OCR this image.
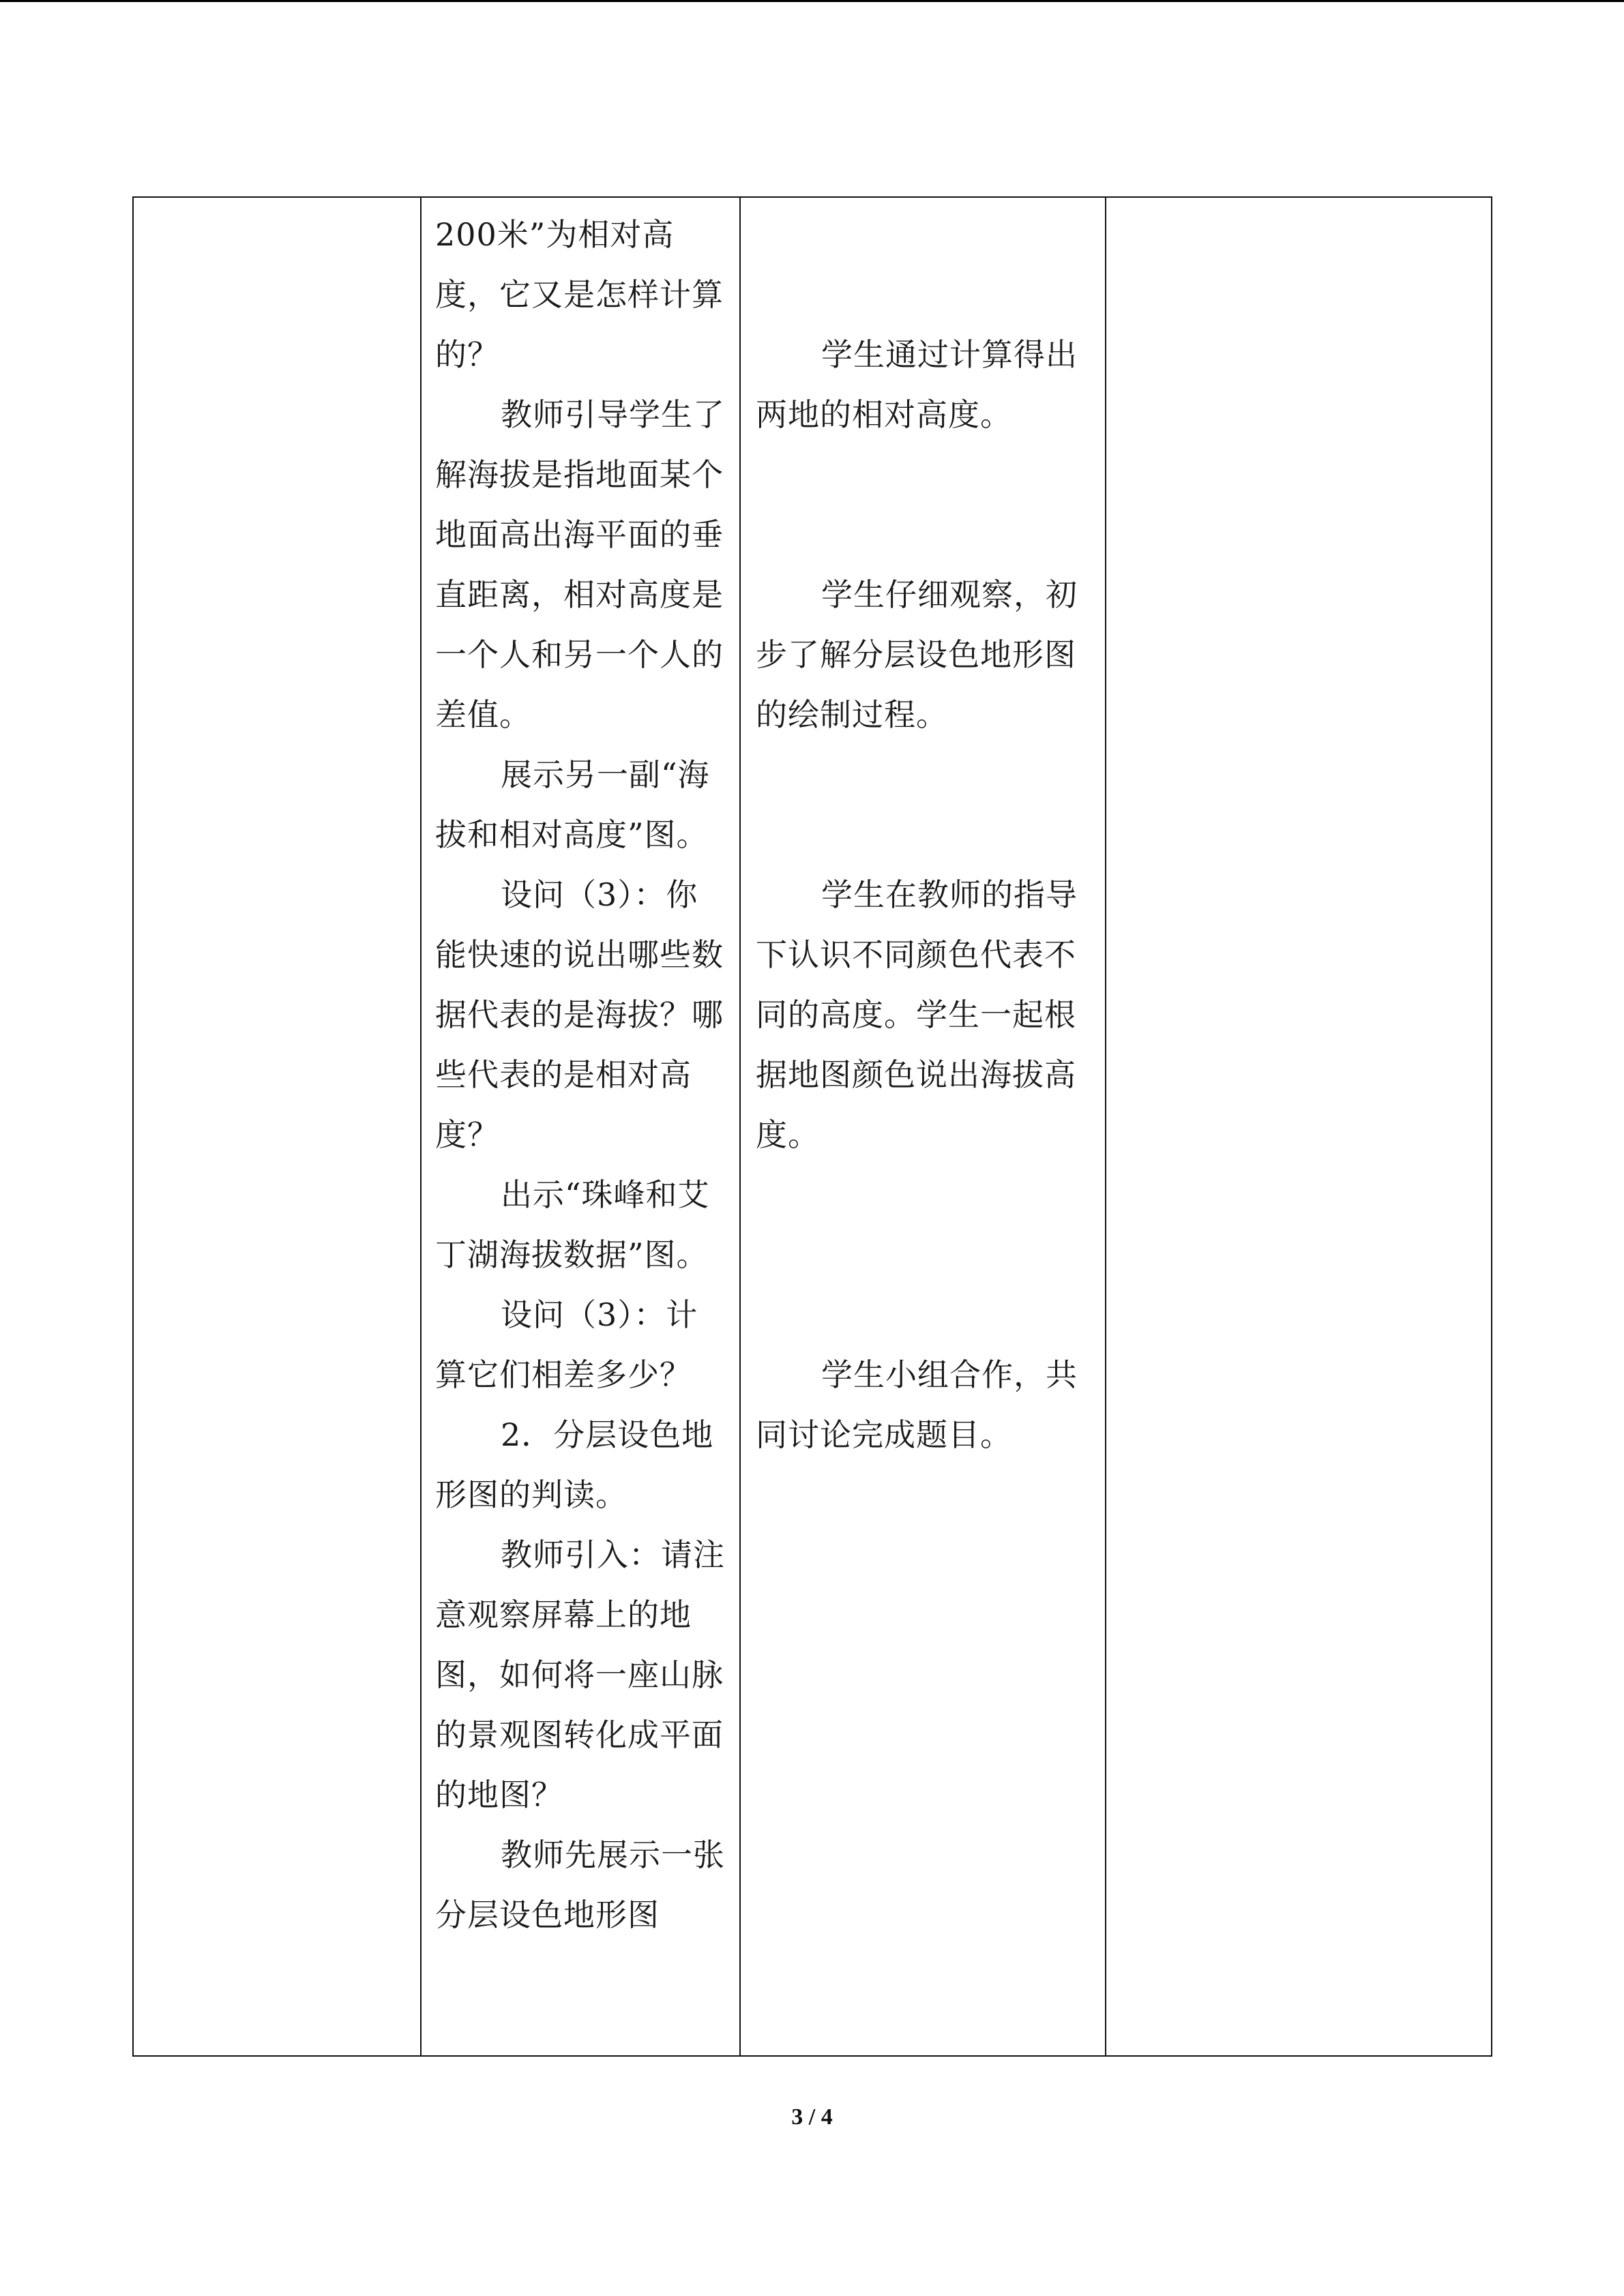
200米”为相对高度，它又是怎样计算的？

教师引导学生了解海拔是指地面某个地面高出海平面的垂直距离，相对高度是一个人和另一个人的差值。

展示另一副“海拔和相对高度”图。

设问（3）：你能快速的说出哪些数据代表的是海拔？哪些代表的是相对高度？

出示“珠峰和艾丁湖海拔数据”图。

设问（3）：计算它们相差多少？

2．分层设色地形图的判读。

教师引入：请注意观察屏幕上的地图，如何将一座山脉的景观图转化成平面的地图？

教师先展示一张分层设色地形图

学生通过计算得出两地的相对高度。

学生仔细观察，初步了解分层设色地形图的绘制过程。

学生在教师的指导下认识不同颜色代表不同的高度。学生一起根据地图颜色说出海拔高度。

学生小组合作，共同讨论完成题目。

3 / 4
